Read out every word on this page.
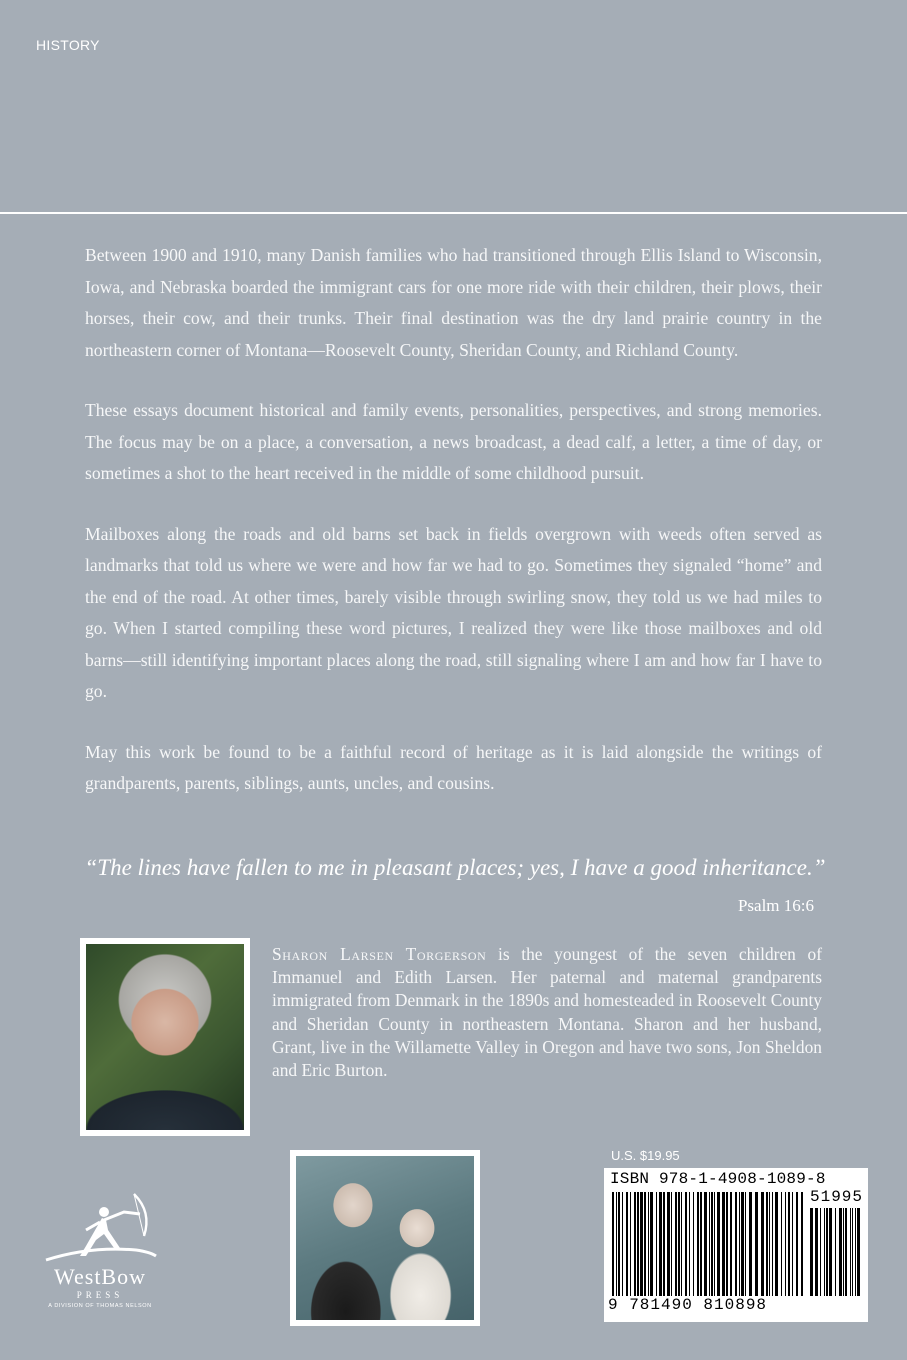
HISTORY

Between 1900 and 1910, many Danish families who had transitioned through Ellis Island to Wisconsin, Iowa, and Nebraska boarded the immigrant cars for one more ride with their children, their plows, their horses, their cow, and their trunks. Their final destination was the dry land prairie country in the northeastern corner of Montana—Roosevelt County, Sheridan County, and Richland County.

These essays document historical and family events, personalities, perspectives, and strong memories. The focus may be on a place, a conversation, a news broadcast, a dead calf, a letter, a time of day, or sometimes a shot to the heart received in the middle of some childhood pursuit.

Mailboxes along the roads and old barns set back in fields overgrown with weeds often served as landmarks that told us where we were and how far we had to go. Sometimes they signaled “home” and the end of the road. At other times, barely visible through swirling snow, they told us we had miles to go. When I started compiling these word pictures, I realized they were like those mailboxes and old barns—still identifying important places along the road, still signaling where I am and how far I have to go.

May this work be found to be a faithful record of heritage as it is laid alongside the writings of grandparents, parents, siblings, aunts, uncles, and cousins.

“The lines have fallen to me in pleasant places; yes, I have a good inheritance.”
Psalm 16:6
Sharon Larsen Torgerson is the youngest of the seven children of Immanuel and Edith Larsen. Her paternal and maternal grandparents immigrated from Denmark in the 1890s and homesteaded in Roosevelt County and Sheridan County in northeastern Montana. Sharon and her husband, Grant, live in the Willamette Valley in Oregon and have two sons, Jon Sheldon and Eric Burton.
WestBow
PRESS
A DIVISION OF THOMAS NELSON
U.S. $19.95
ISBN 978-1-4908-1089-8
51995
9 781490 810898
